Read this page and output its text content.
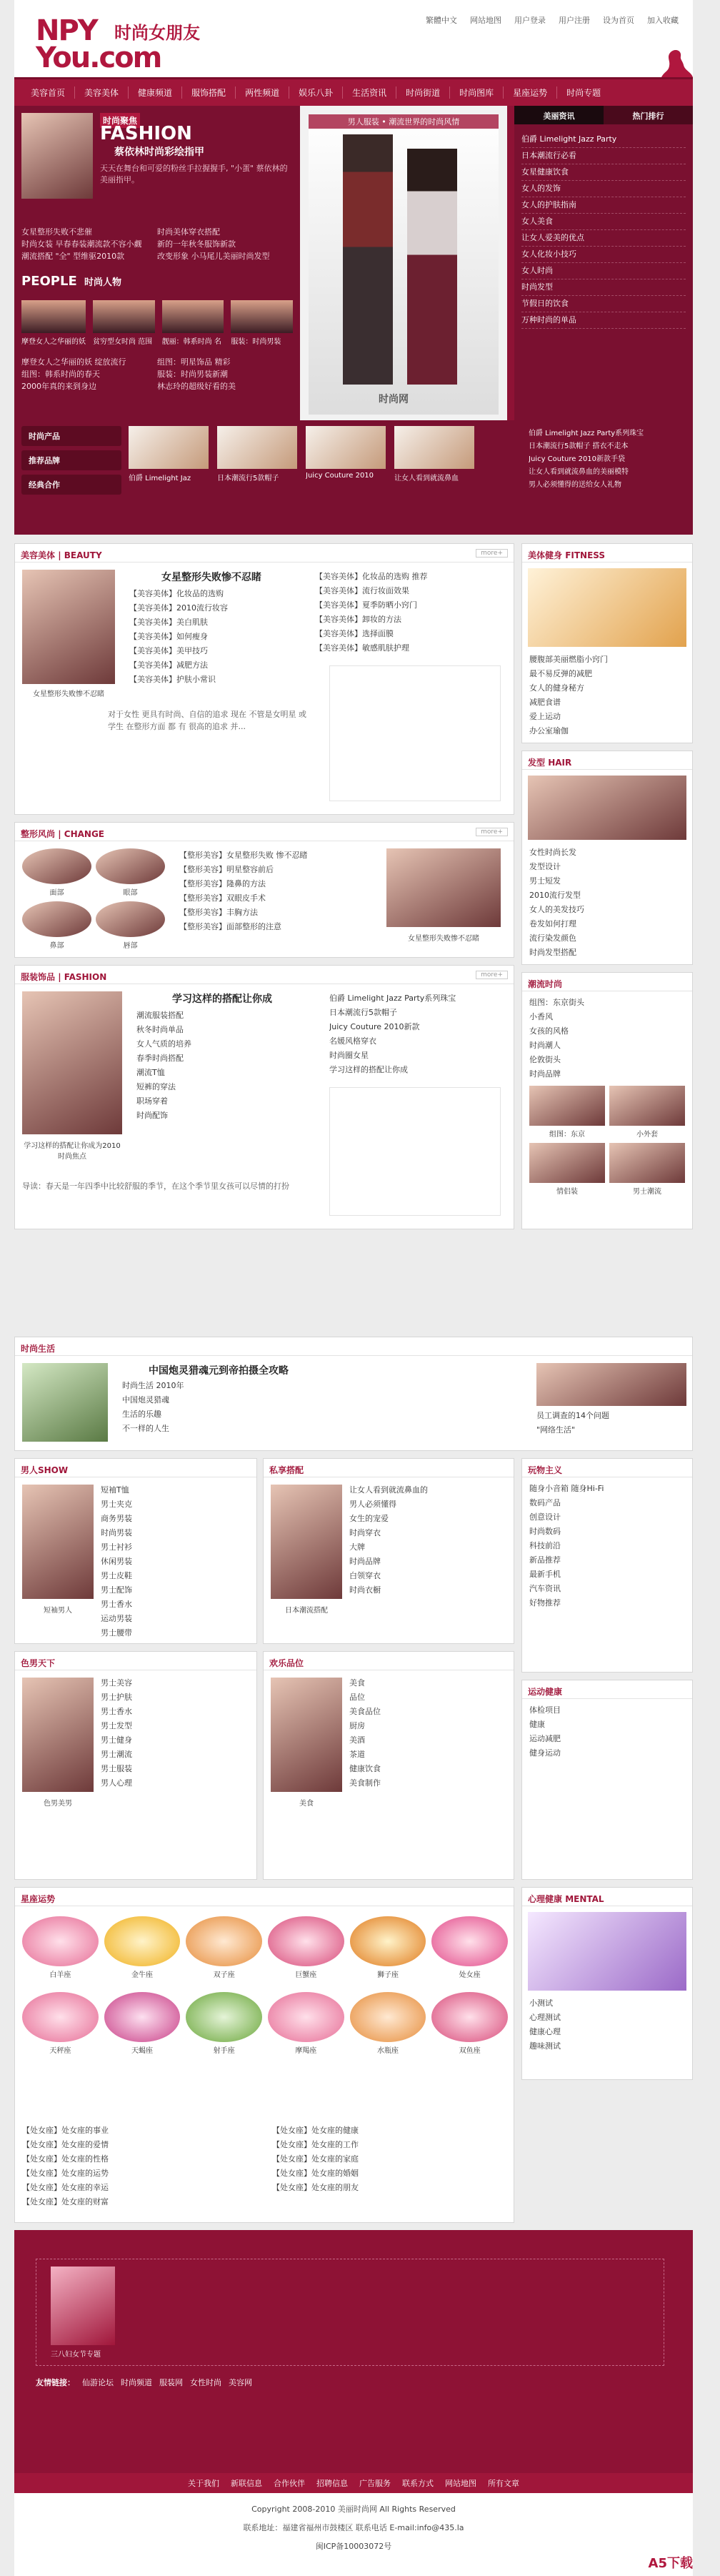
NPY
You.com
时尚女朋友
繁體中文 网站地图 用户登录 用户注册 设为首页 加入收藏
美容首页	美容美体	健康频道	服饰搭配	两性频道	娱乐八卦	生活资讯	时尚街道	时尚图库	星座运势	时尚专题
时尚聚焦
FASHION
蔡依林时尚彩绘指甲
天天在舞台和可爱的粉丝手拉握握手, "小蛋" 蔡依林的美丽指甲。
女星整形失败不悲催	时尚美体穿衣搭配
时尚女装 早春春装潮流款不容小觑	新的一年秋冬服饰新款
潮流搭配 "全" 型维驱2010款	改变形象 小马尾儿美丽时尚发型
PEOPLE 时尚人物
摩登女人之华丽的妖 贫穷型女时尚 范围	靓丽：韩系时尚 名	服装：时尚男装
摩登女人之华丽的妖 绽放流行	组图：明星饰品 精彩
组图：韩系时尚的春天	服装：时尚男装新潮
2000年真的来到身边	林志玲的超级好看的美
男人服装 • 潮流世界的时尚风情
时尚网
美丽资讯	热门排行
伯爵 Limelight Jazz Party
日本潮流行必看
女星健康饮食
女人的发饰
女人的护肤指南
女人美食
让女人爱美的优点
女人化妆小技巧
女人时尚
时尚发型
节假日的饮食
万种时尚的单品
时尚产品
推荐品牌
经典合作
伯爵 Limelight Jaz	日本潮流行5款帽子	Juicy Couture 2010	让女人看到就流鼻血
伯爵 Limelight Jazz Party系列珠宝
日本潮流行5款帽子 搭衣不走本
Juicy Couture 2010新款手袋
让女人看到就流鼻血的美丽模特
男人必须懂得的送给女人礼物
美容美体 | BEAUTY	more+
女星整形失败惨不忍睹
女星整形失败惨不忍睹
【美容美体】化妆品的选购
【美容美体】2010流行妆容
【美容美体】美白肌肤
【美容美体】如何瘦身
【美容美体】美甲技巧
【美容美体】减肥方法
【美容美体】护肤小常识
【美容美体】化妆品的选购 推荐
【美容美体】流行妆面效果
【美容美体】夏季防晒小窍门
【美容美体】卸妆的方法
【美容美体】选择面膜
【美容美体】敏感肌肤护理
对于女性 更具有时尚、自信的追求 现在 不管是女明星 或 学生 在整形方面 都 有 很高的追求 并...
美体健身 FITNESS
腰腹部美丽燃脂小窍门
最不易反弹的减肥
女人的健身秘方
减肥食谱
爱上运动
办公室瑜伽
发型 HAIR
女性时尚长发
发型设计
男士短发
2010流行发型
女人的美发技巧
卷发如何打理
流行染发颜色
时尚发型搭配
整形风尚 | CHANGE	more+
面部	眼部
鼻部	唇部
【整形美容】女星整形失败 惨不忍睹
【整形美容】明星整容前后
【整形美容】隆鼻的方法
【整形美容】双眼皮手术
【整形美容】丰胸方法
【整形美容】面部整形的注意
女星整形失败惨不忍睹
服装饰品 | FASHION	more+
学习这样的搭配让你成为2010时尚焦点
学习这样的搭配让你成
潮流服装搭配
秋冬时尚单品
女人气质的培养
春季时尚搭配
潮流T恤
短裤的穿法
职场穿着
时尚配饰
伯爵 Limelight Jazz Party系列珠宝
日本潮流行5款帽子
Juicy Couture 2010新款
名媛风格穿衣
时尚圈女星
学习这样的搭配让你成
导读：春天是一年四季中比较舒服的季节，在这个季节里女孩可以尽情的打扮
潮流时尚
组图：东京街头
小香风
女孩的风格
时尚潮人
伦敦街头
时尚品牌
组图：东京	小外套
情侣装	男士潮流
时尚生活
中国炮灵猎魂元到帝拍摄全攻略
时尚生活 2010年
中国炮灵猎魂
生活的乐趣
不一样的人生
员工调查的14个问题
"网络生活"
男人SHOW
短袖男人
短袖T恤
男士夹克
商务男装
时尚男装
男士衬衫
休闲男装
男士皮鞋
男士配饰
男士香水
运动男装
男士腰带
私享搭配
日本潮流搭配
让女人看到就流鼻血的
男人必须懂得
女生的宠爱
时尚穿衣
大牌
时尚品牌
白领穿衣
时尚衣橱
玩物主义
随身小音箱 随身Hi-Fi
数码产品
创意设计
时尚数码
科技前沿
新品推荐
最新手机
汽车资讯
好物推荐
色男天下
色男美男
男士美容
男士护肤
男士香水
男士发型
男士健身
男士潮流
男士服装
男人心理
欢乐品位
美食
美食
品位
美食品位
厨房
美酒
茶道
健康饮食
美食制作
运动健康
体检项目
健康
运动减肥
健身运动
星座运势
白羊座	金牛座	双子座	巨蟹座	狮子座	处女座
天秤座	天蝎座	射手座	摩羯座	水瓶座	双鱼座
【处女座】处女座的事业
【处女座】处女座的爱情
【处女座】处女座的性格
【处女座】处女座的运势
【处女座】处女座的幸运
【处女座】处女座的财富
【处女座】处女座的健康
【处女座】处女座的工作
【处女座】处女座的家庭
【处女座】处女座的婚姻
【处女座】处女座的朋友
心理健康 MENTAL
小测试
心理测试
健康心理
趣味测试
三八妇女节专题
友情链接： 仙游论坛 时尚频道 服装网 女性时尚 美容网
关于我们 新联信息 合作伙伴 招聘信息 广告服务 联系方式 网站地图 所有文章
Copyright 2008-2010 美丽时尚网 All Rights Reserved
联系地址：福建省福州市鼓楼区 联系电话 E-mail:info@435.la
闽ICP备10003072号
A5下载
